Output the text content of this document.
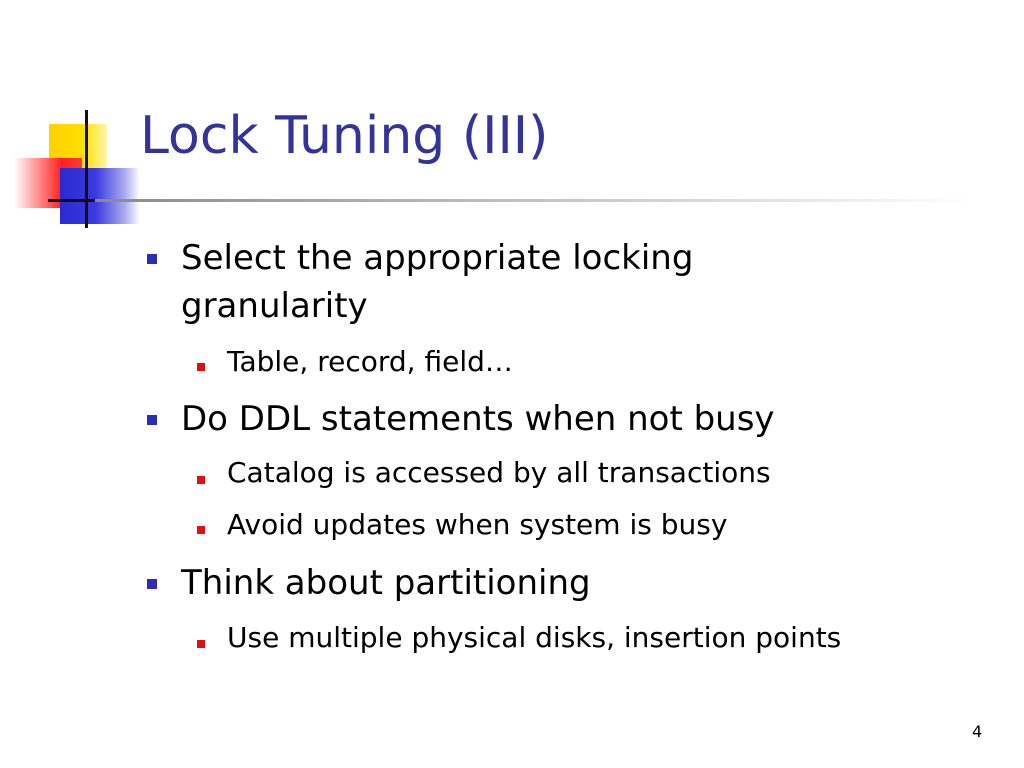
Lock Tuning (III)
Select the appropriate locking
granularity
Table, record, field…
Do DDL statements when not busy
Catalog is accessed by all transactions
Avoid updates when system is busy
Think about partitioning
Use multiple physical disks, insertion points
4
